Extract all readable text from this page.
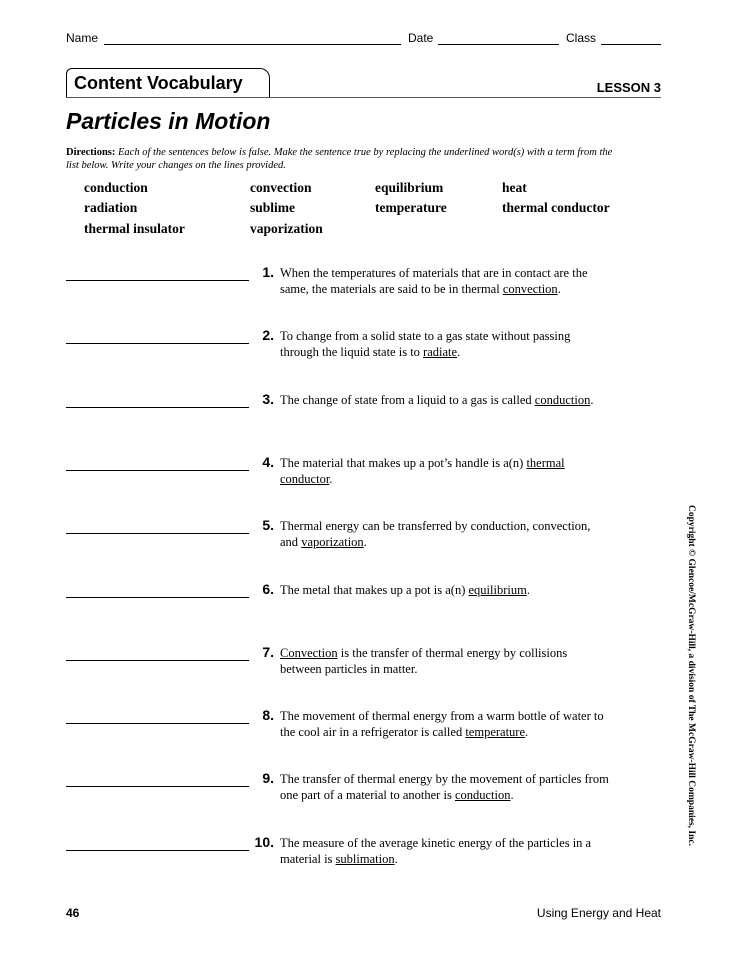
Name	Date	Class
Content Vocabulary	LESSON 3
Particles in Motion
Directions: Each of the sentences below is false. Make the sentence true by replacing the underlined word(s) with a term from the list below. Write your changes on the lines provided.
conduction	convection	equilibrium	heat
radiation	sublime	temperature	thermal conductor
thermal insulator	vaporization
1. When the temperatures of materials that are in contact are the same, the materials are said to be in thermal convection.
2. To change from a solid state to a gas state without passing through the liquid state is to radiate.
3. The change of state from a liquid to a gas is called conduction.
4. The material that makes up a pot’s handle is a(n) thermal conductor.
5. Thermal energy can be transferred by conduction, convection, and vaporization.
6. The metal that makes up a pot is a(n) equilibrium.
7. Convection is the transfer of thermal energy by collisions between particles in matter.
8. The movement of thermal energy from a warm bottle of water to the cool air in a refrigerator is called temperature.
9. The transfer of thermal energy by the movement of particles from one part of a material to another is conduction.
10. The measure of the average kinetic energy of the particles in a material is sublimation.
Copyright © Glencoe/McGraw-Hill, a division of The McGraw-Hill Companies, Inc.
46	Using Energy and Heat
